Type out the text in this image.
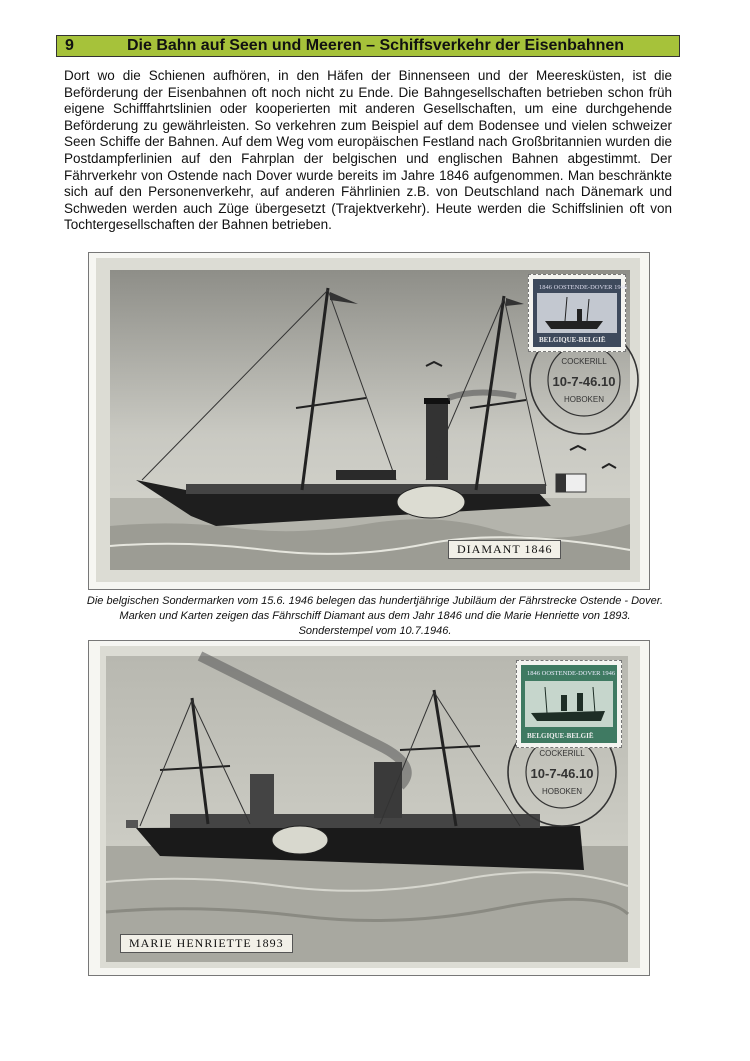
9	Die Bahn auf Seen und Meeren – Schiffsverkehr der Eisenbahnen
Dort wo die Schienen aufhören, in den Häfen der Binnenseen und der Meeresküsten, ist die Beförderung der Eisenbahnen oft noch nicht zu Ende. Die Bahngesellschaften betrieben schon früh eigene Schifffahrtslinien oder kooperierten mit anderen Gesellschaften, um eine durchgehende Beförderung zu gewährleisten. So verkehren zum Beispiel auf dem Bodensee und vielen schweizer Seen Schiffe der Bahnen. Auf dem Weg vom europäischen Festland nach Großbritannien wurden die Postdampferlinien auf den Fahrplan der belgischen und englischen Bahnen abgestimmt. Der Fährverkehr von Ostende nach Dover wurde bereits im Jahre 1846 aufgenommen. Man beschränkte sich auf den Personenverkehr, auf anderen Fährlinien z.B. von Deutschland nach Dänemark und Schweden werden auch Züge übergesetzt (Trajektverkehr). Heute werden die Schiffslinien oft von Tochtergesellschaften der Bahnen betrieben.
COCKERILL
10-7-46.10
HOBOKEN
1846 OOSTENDE-DOVER 1946
BELGIQUE-BELGIË
DIAMANT 1846
Die belgischen Sondermarken vom 15.6. 1946 belegen das hundertjährige Jubiläum der Fährstrecke Ostende - Dover. Marken und Karten zeigen das Fährschiff Diamant aus dem Jahr 1846 und die Marie Henriette von 1893. Sonderstempel vom 10.7.1946.
COCKERILL
10-7-46.10
HOBOKEN
1846 OOSTENDE-DOVER 1946
BELGIQUE-BELGIË
MARIE HENRIETTE 1893
